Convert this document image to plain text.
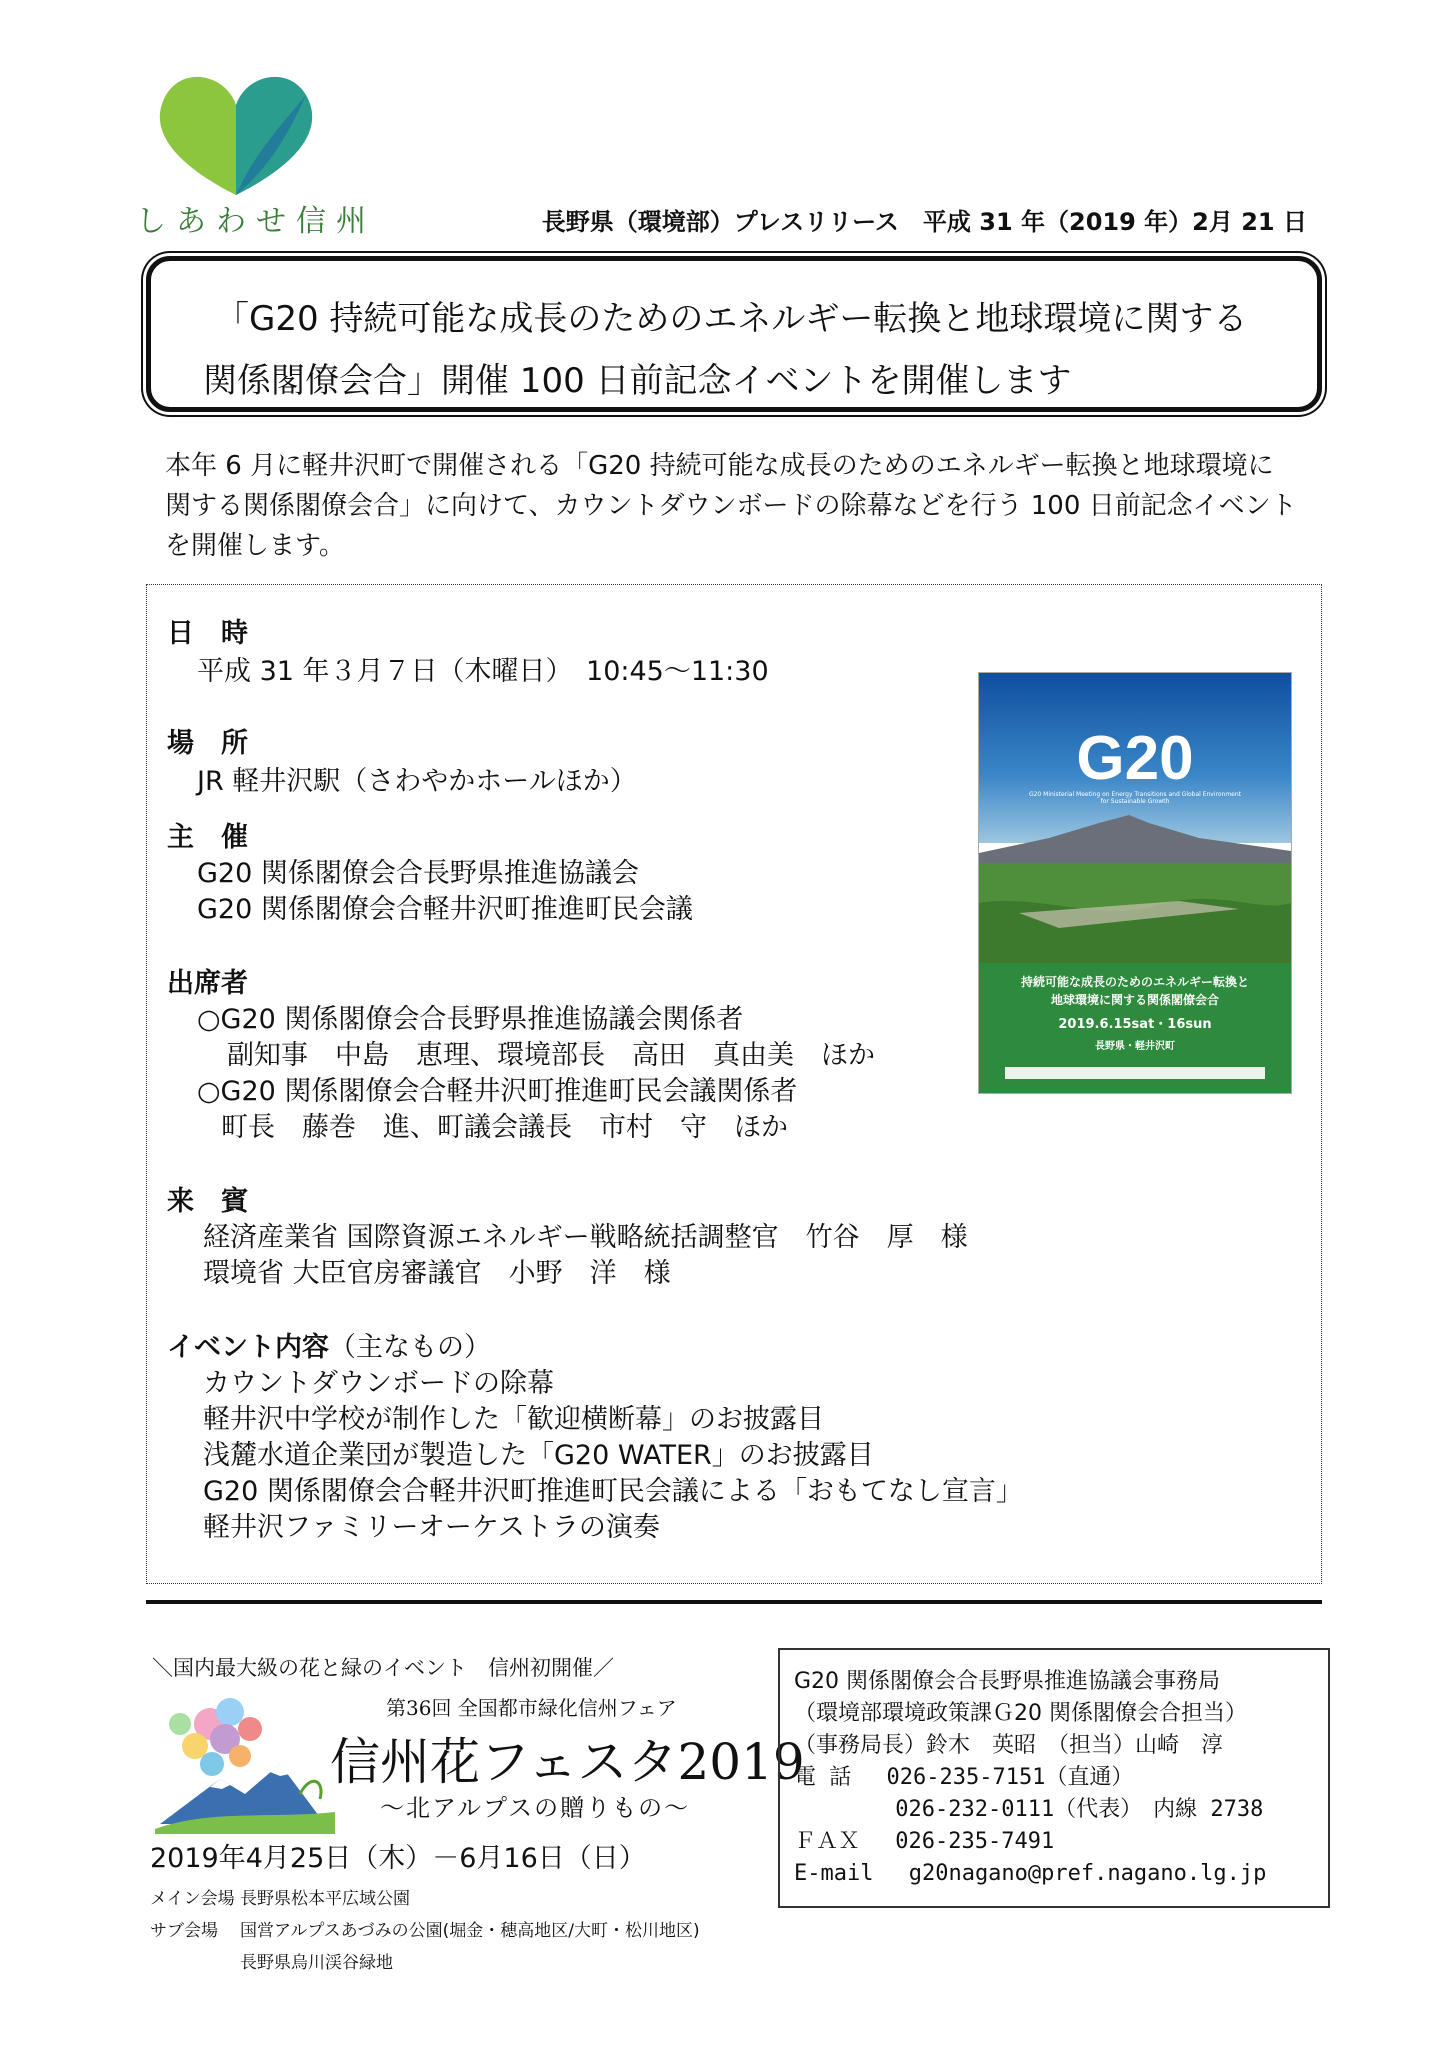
しあわせ信州	長野県（環境部）プレスリリース　平成 31 年（2019 年）2月 21 日
「G20 持続可能な成長のためのエネルギー転換と地球環境に関する
関係閣僚会合」開催 100 日前記念イベントを開催します

本年 6 月に軽井沢町で開催される「G20 持続可能な成長のためのエネルギー転換と地球環境に

関する関係閣僚会合」に向けて、カウントダウンボードの除幕などを行う 100 日前記念イベント

を開催します。

日　時
平成 31 年３月７日（木曜日）　10:45～11:30
場　所
JR 軽井沢駅（さわやかホールほか）
主　催
G20 関係閣僚会合長野県推進協議会
G20 関係閣僚会合軽井沢町推進町民会議
出席者
○G20 関係閣僚会合長野県推進協議会関係者
副知事　中島　恵理、環境部長　高田　真由美　ほか
○G20 関係閣僚会合軽井沢町推進町民会議関係者
町長　藤巻　進、町議会議長　市村　守　ほか
来　賓
経済産業省 国際資源エネルギー戦略統括調整官　竹谷　厚　様
環境省 大臣官房審議官　小野　洋　様
イベント内容（主なもの）
カウントダウンボードの除幕
軽井沢中学校が制作した「歓迎横断幕」のお披露目
浅麓水道企業団が製造した「G20 WATER」のお披露目
G20 関係閣僚会合軽井沢町推進町民会議による「おもてなし宣言」
軽井沢ファミリーオーケストラの演奏
G20
G20 Ministerial Meeting on Energy Transitions and Global Environment for Sustainable Growth
持続可能な成長のためのエネルギー転換と
地球環境に関する関係閣僚会合
2019.6.15sat・16sun
長野県・軽井沢町
＼国内最大級の花と緑のイベント　信州初開催／
第36回 全国都市緑化信州フェア
信州花フェスタ2019
～北アルプスの贈りもの～
2019年4月25日（木）－6月16日（日）
メイン会場 長野県松本平広域公園
サブ会場 国営アルプスあづみの公園(堀金・穂高地区/大町・松川地区)
長野県烏川渓谷緑地
G20 関係閣僚会合長野県推進協議会事務局
（環境部環境政策課Ｇ20 関係閣僚会合担当）
（事務局長）鈴木　英昭　（担当）山崎　淳
電 話　 026-235-7151（直通）
　　　　 026-232-0111（代表）　内線 2738
ＦＡＸ　 026-235-7491
E-mail　 g20nagano@pref.nagano.lg.jp
